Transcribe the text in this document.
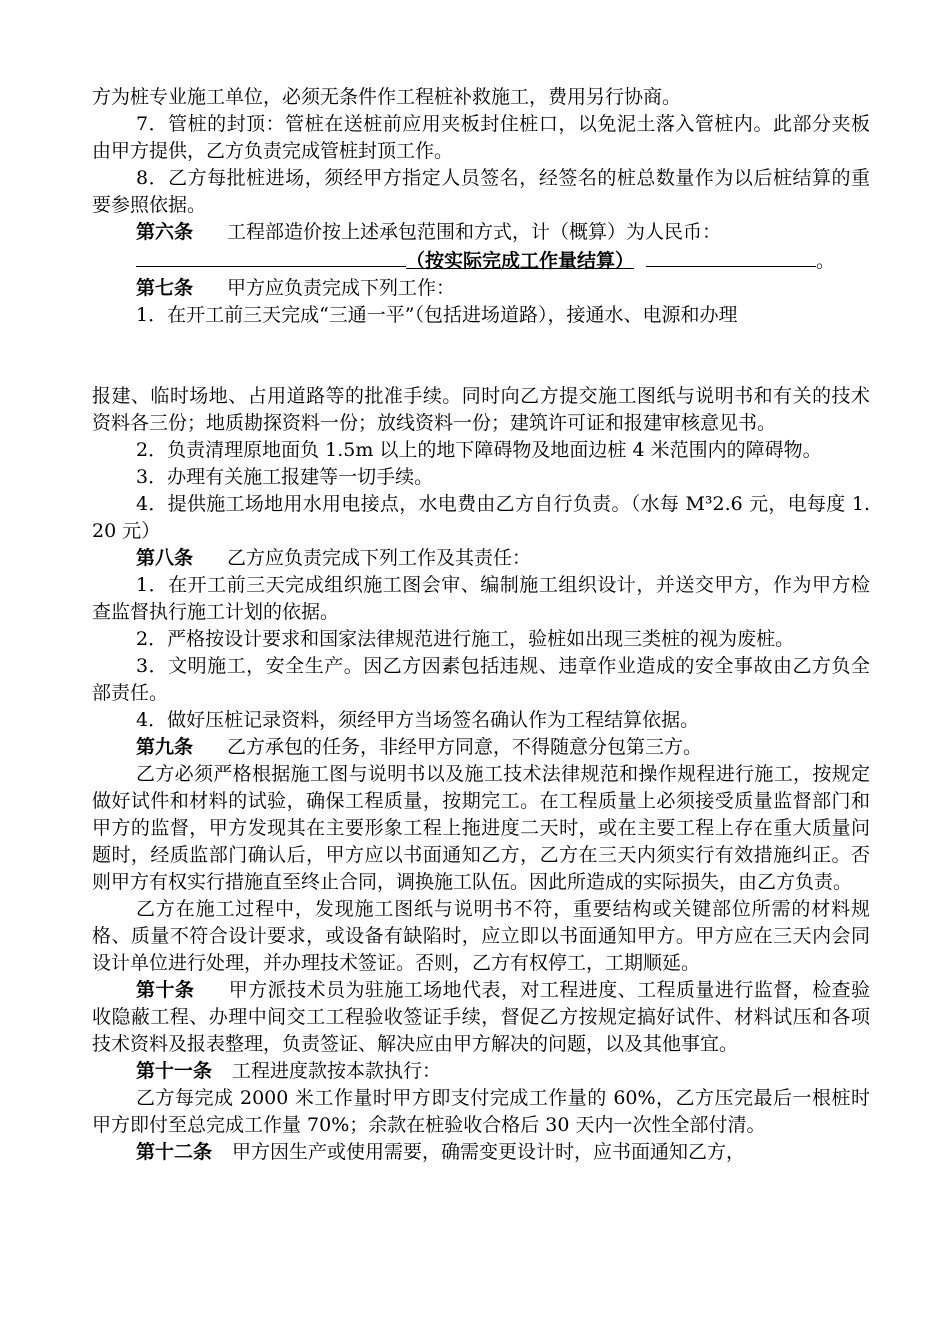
方为桩专业施工单位，必须无条件作工程桩补救施工，费用另行协商。

7．管桩的封顶：管桩在送桩前应用夹板封住桩口，以免泥土落入管桩内。此部分夹板由甲方提供，乙方负责完成管桩封顶工作。

8．乙方每批桩进场，须经甲方指定人员签名，经签名的桩总数量作为以后桩结算的重要参照依据。

第六条 工程部造价按上述承包范围和方式，计（概算）为人民币：

（按实际完成工作量结算）	。

第七条 甲方应负责完成下列工作：

1．在开工前三天完成“三通一平”（包括进场道路），接通水、电源和办理

报建、临时场地、占用道路等的批准手续。同时向乙方提交施工图纸与说明书和有关的技术资料各三份；地质勘探资料一份；放线资料一份；建筑许可证和报建审核意见书。

2．负责清理原地面负 1.5m 以上的地下障碍物及地面边桩 4 米范围内的障碍物。

3．办理有关施工报建等一切手续。

4．提供施工场地用水用电接点，水电费由乙方自行负责。（水每 M³2.6 元，电每度 1.20 元）

第八条 乙方应负责完成下列工作及其责任：

1．在开工前三天完成组织施工图会审、编制施工组织设计，并送交甲方，作为甲方检查监督执行施工计划的依据。

2．严格按设计要求和国家法律规范进行施工，验桩如出现三类桩的视为废桩。

3．文明施工，安全生产。因乙方因素包括违规、违章作业造成的安全事故由乙方负全部责任。

4．做好压桩记录资料，须经甲方当场签名确认作为工程结算依据。

第九条 乙方承包的任务，非经甲方同意，不得随意分包第三方。

乙方必须严格根据施工图与说明书以及施工技术法律规范和操作规程进行施工，按规定做好试件和材料的试验，确保工程质量，按期完工。在工程质量上必须接受质量监督部门和甲方的监督，甲方发现其在主要形象工程上拖进度二天时，或在主要工程上存在重大质量问题时，经质监部门确认后，甲方应以书面通知乙方，乙方在三天内须实行有效措施纠正。否则甲方有权实行措施直至终止合同，调换施工队伍。因此所造成的实际损失，由乙方负责。

乙方在施工过程中，发现施工图纸与说明书不符，重要结构或关键部位所需的材料规格、质量不符合设计要求，或设备有缺陷时，应立即以书面通知甲方。甲方应在三天内会同设计单位进行处理，并办理技术签证。否则，乙方有权停工，工期顺延。

第十条 甲方派技术员为驻施工场地代表，对工程进度、工程质量进行监督，检查验收隐蔽工程、办理中间交工工程验收签证手续，督促乙方按规定搞好试件、材料试压和各项技术资料及报表整理，负责签证、解决应由甲方解决的问题，以及其他事宜。

第十一条 工程进度款按本款执行：

乙方每完成 2000 米工作量时甲方即支付完成工作量的 60%，乙方压完最后一根桩时甲方即付至总完成工作量 70%；余款在桩验收合格后 30 天内一次性全部付清。

第十二条 甲方因生产或使用需要，确需变更设计时，应书面通知乙方，
